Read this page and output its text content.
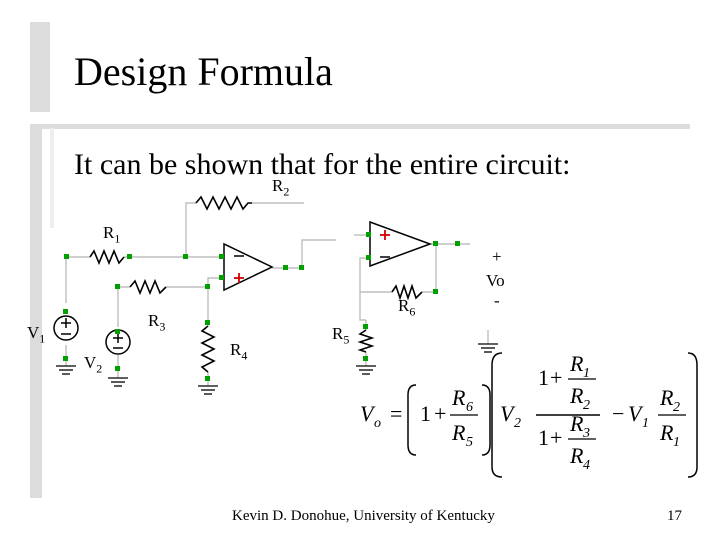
Design Formula
It can be shown that for the entire circuit:
$R_2$
$R_1$
$R_3$
$R_4$
$R_5$
$R_6$
$V_1$
$V_2$
+
Vo
-
V o = 1 +
R 6
R 5
V 2
1 +
R 1
R 2
1 +
R 3
R 4
− V 1
R 2
R 1
Kevin D. Donohue, University of Kentucky	17
